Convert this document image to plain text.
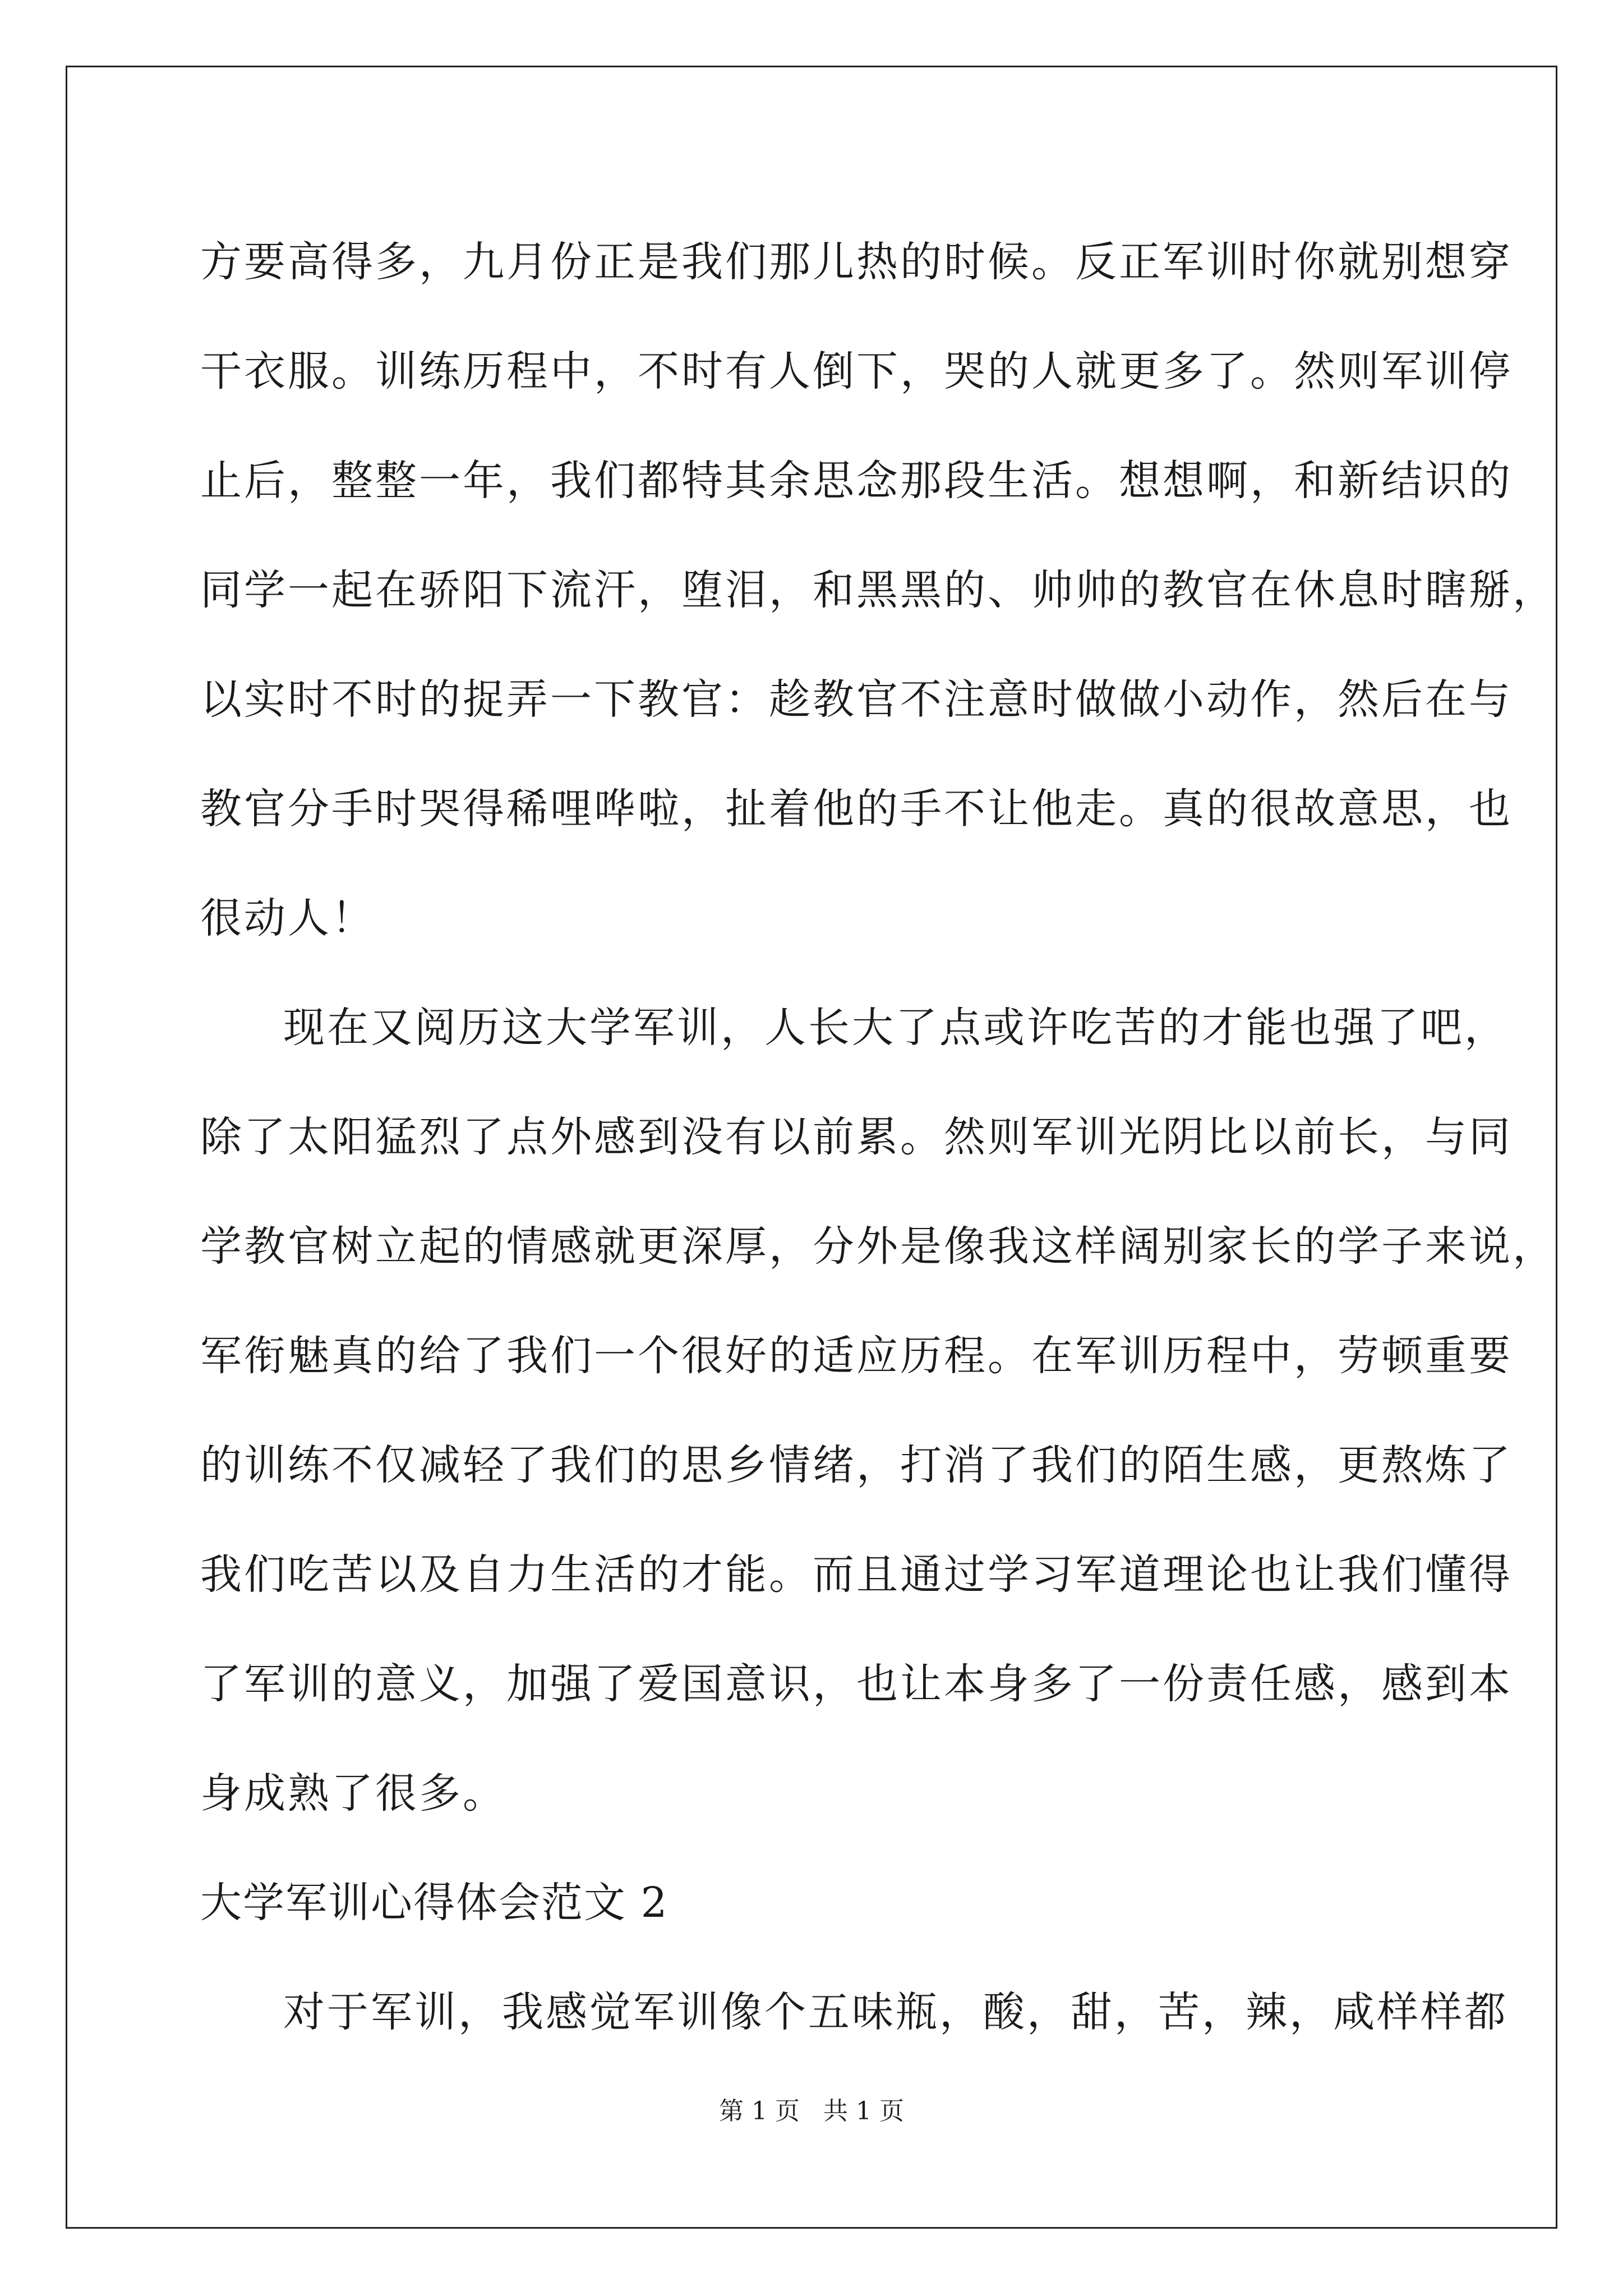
方要高得多，九月份正是我们那儿热的时候。反正军训时你就别想穿
干衣服。训练历程中，不时有人倒下，哭的人就更多了。然则军训停
止后，整整一年，我们都特其余思念那段生活。想想啊，和新结识的
同学一起在骄阳下流汗，堕泪，和黑黑的、帅帅的教官在休息时瞎掰，
以实时不时的捉弄一下教官：趁教官不注意时做做小动作，然后在与
教官分手时哭得稀哩哗啦，扯着他的手不让他走。真的很故意思，也
很动人！
现在又阅历这大学军训，人长大了点或许吃苦的才能也强了吧，
除了太阳猛烈了点外感到没有以前累。然则军训光阴比以前长，与同
学教官树立起的情感就更深厚，分外是像我这样阔别家长的学子来说，
军衔魅真的给了我们一个很好的适应历程。在军训历程中，劳顿重要
的训练不仅减轻了我们的思乡情绪，打消了我们的陌生感，更熬炼了
我们吃苦以及自力生活的才能。而且通过学习军道理论也让我们懂得
了军训的意义，加强了爱国意识，也让本身多了一份责任感，感到本
身成熟了很多。
大学军训心得体会范文 2
对于军训，我感觉军训像个五味瓶，酸，甜，苦，辣，咸样样都
第 1 页   共 1 页
